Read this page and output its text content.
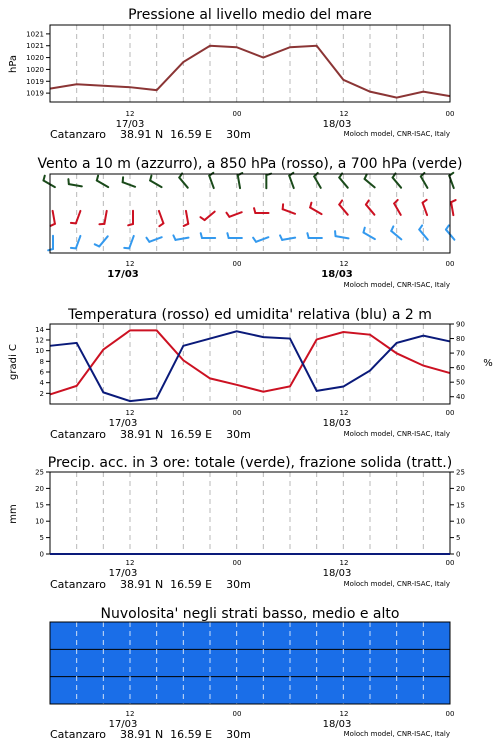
Pressione al livello medio del mare
hPa
1019
1019
1020
1020
1021
1021
12	00	12	00
17/03	18/03
Catanzaro    38.91 N  16.59 E    30m	Moloch model, CNR-ISAC, Italy
Vento a 10 m (azzurro), a 850 hPa (rosso), a 700 hPa (verde)
12	00	12	00
17/03	18/03
Moloch model, CNR-ISAC, Italy
Temperatura (rosso) ed umidita' relativa (blu) a 2 m
gradi C	%
2
4
6
8
10
12
14
40
50
60
70
80
90
12	00	12	00
17/03	18/03
Catanzaro    38.91 N  16.59 E    30m	Moloch model, CNR-ISAC, Italy
Precip. acc. in 3 ore: totale (verde), frazione solida (tratt.)
mm
0	0
5	5
10	10
15	15
20	20
25	25
12	00	12	00
17/03	18/03
Catanzaro    38.91 N  16.59 E    30m	Moloch model, CNR-ISAC, Italy
Nuvolosita' negli strati basso, medio e alto
12	00	12	00
17/03	18/03
Catanzaro    38.91 N  16.59 E    30m	Moloch model, CNR-ISAC, Italy
